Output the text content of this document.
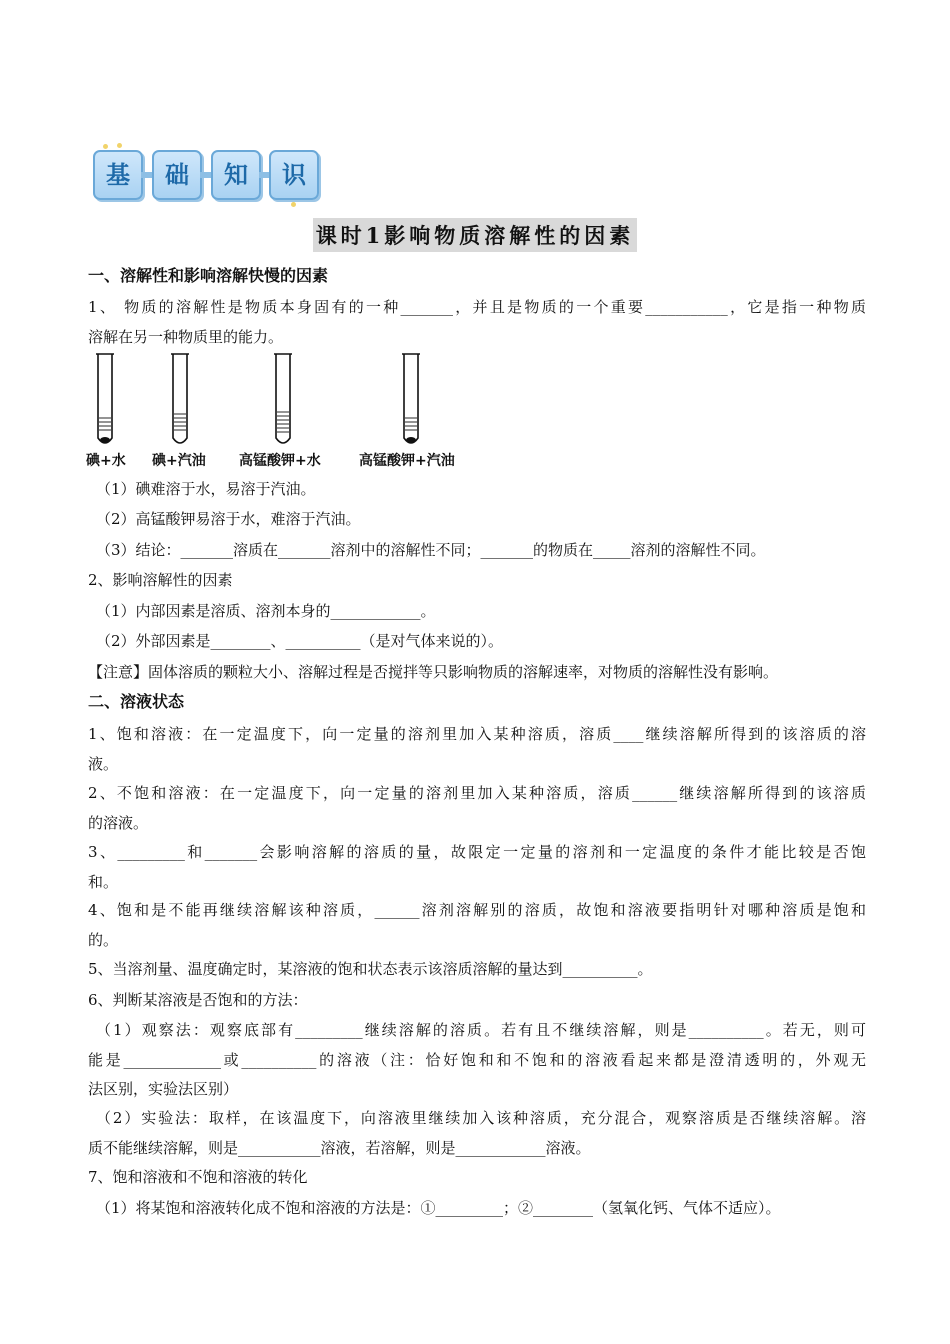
基	础	知	识
课时1影响物质溶解性的因素
一、溶解性和影响溶解快慢的因素
1、 物质的溶解性是物质本身固有的一种_______，并且是物质的一个重要___________，它是指一种物质
溶解在另一种物质里的能力。
碘+水 碘+汽油 高锰酸钾+水	高锰酸钾+汽油
（1）碘难溶于水，易溶于汽油。
（2）高锰酸钾易溶于水，难溶于汽油。
（3）结论：_______溶质在_______溶剂中的溶解性不同；_______的物质在_____溶剂的溶解性不同。
2、影响溶解性的因素
（1）内部因素是溶质、溶剂本身的____________。
（2）外部因素是________、__________（是对气体来说的）。
【注意】固体溶质的颗粒大小、溶解过程是否搅拌等只影响物质的溶解速率，对物质的溶解性没有影响。
二、溶液状态
1、饱和溶液：在一定温度下，向一定量的溶剂里加入某种溶质，溶质____继续溶解所得到的该溶质的溶
液。
2、不饱和溶液：在一定温度下，向一定量的溶剂里加入某种溶质，溶质______继续溶解所得到的该溶质
的溶液。
3、_________和_______会影响溶解的溶质的量，故限定一定量的溶剂和一定温度的条件才能比较是否饱
和。
4、饱和是不能再继续溶解该种溶质，______溶剂溶解别的溶质，故饱和溶液要指明针对哪种溶质是饱和
的。
5、当溶剂量、温度确定时，某溶液的饱和状态表示该溶质溶解的量达到__________。
6、判断某溶液是否饱和的方法：
（1）观察法：观察底部有_________继续溶解的溶质。若有且不继续溶解，则是__________。若无，则可
能是_____________或__________的溶液（注：恰好饱和和不饱和的溶液看起来都是澄清透明的，外观无
法区别，实验法区别）
（2）实验法：取样，在该温度下，向溶液里继续加入该种溶质，充分混合，观察溶质是否继续溶解。溶
质不能继续溶解，则是___________溶液，若溶解，则是____________溶液。
7、饱和溶液和不饱和溶液的转化
（1）将某饱和溶液转化成不饱和溶液的方法是：①_________；②________（氢氧化钙、气体不适应）。
